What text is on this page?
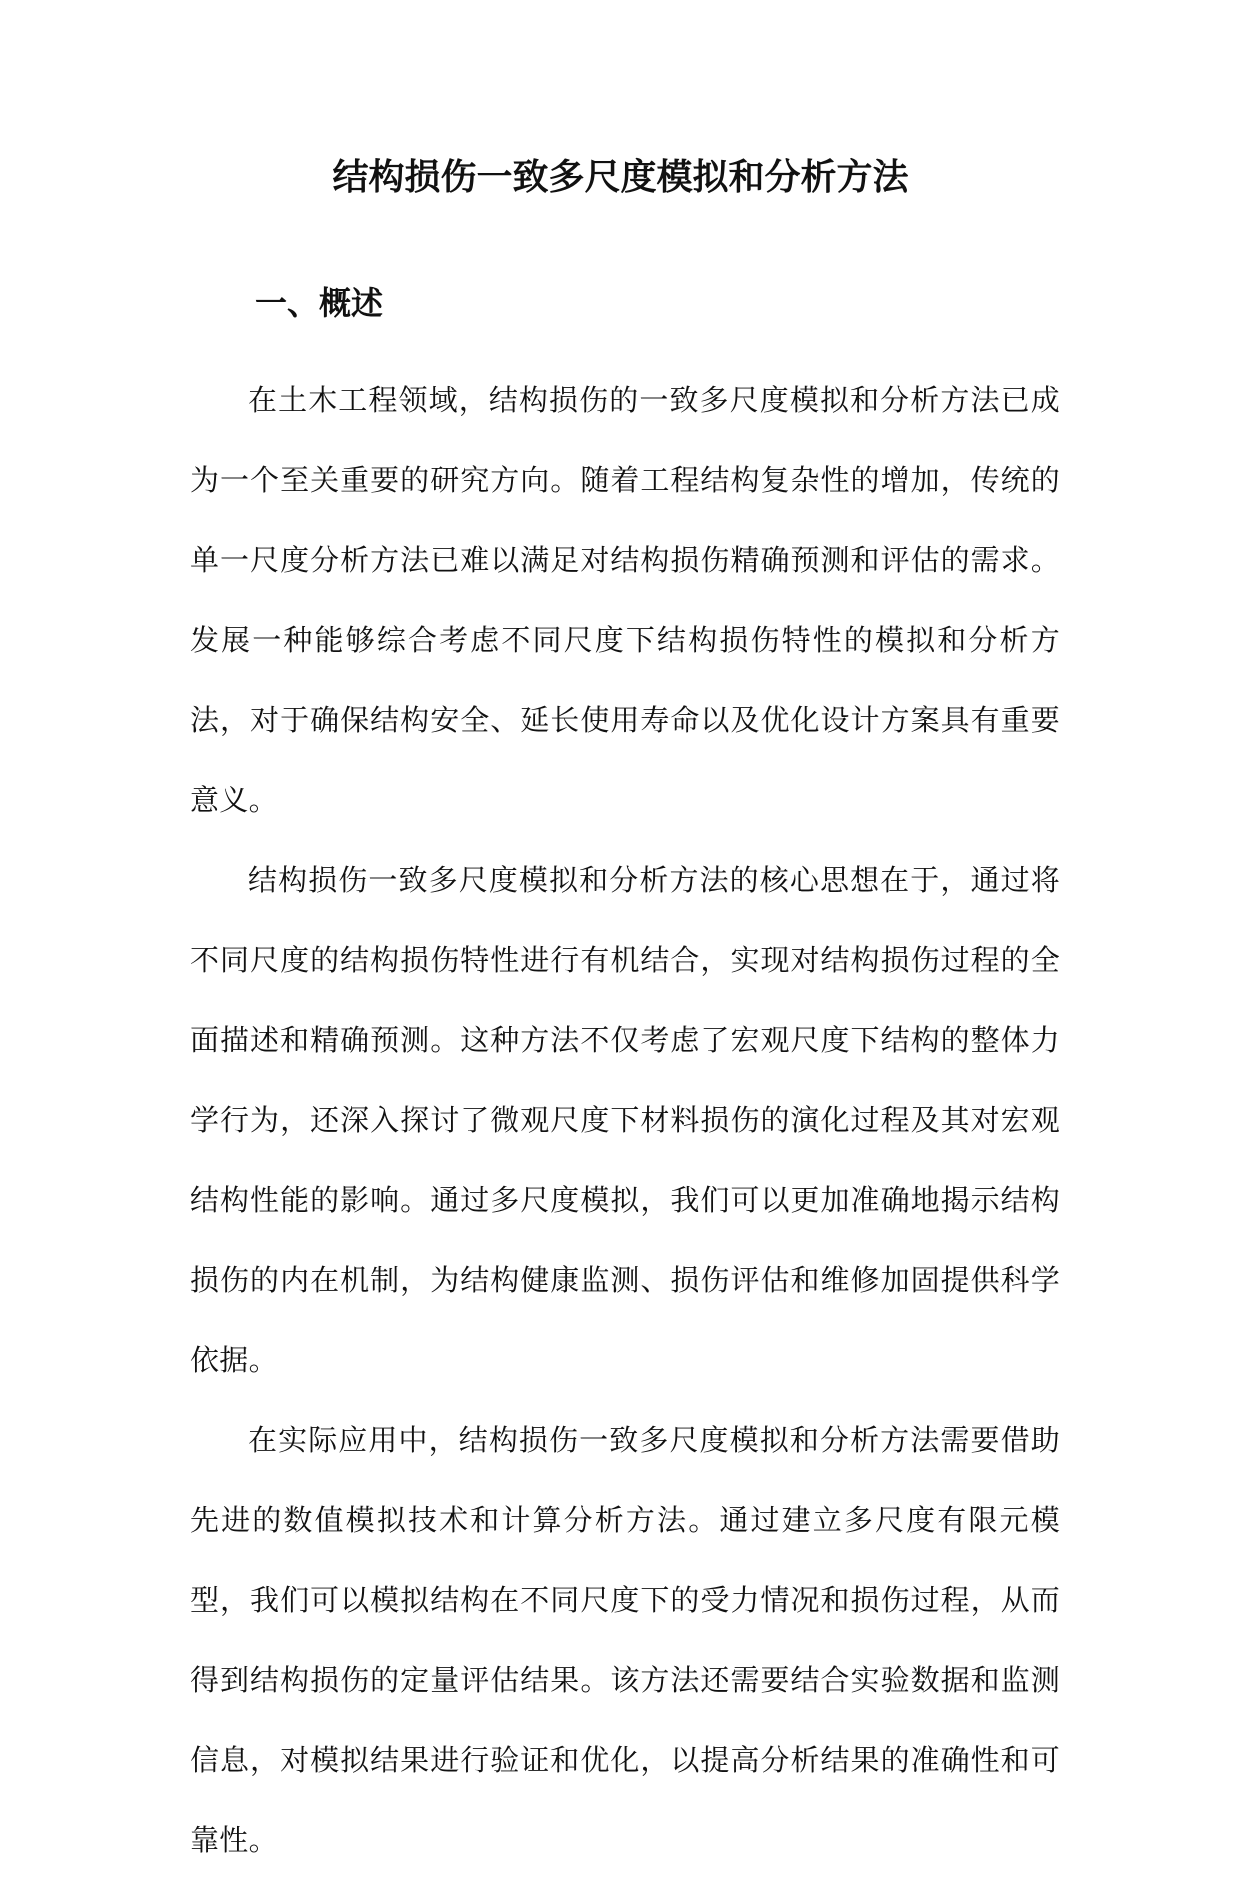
结构损伤一致多尺度模拟和分析方法
一、概述

在土木工程领域，结构损伤的一致多尺度模拟和分析方法已成为一个至关重要的研究方向。随着工程结构复杂性的增加，传统的单一尺度分析方法已难以满足对结构损伤精确预测和评估的需求。发展一种能够综合考虑不同尺度下结构损伤特性的模拟和分析方法，对于确保结构安全、延长使用寿命以及优化设计方案具有重要意义。

结构损伤一致多尺度模拟和分析方法的核心思想在于，通过将不同尺度的结构损伤特性进行有机结合，实现对结构损伤过程的全面描述和精确预测。这种方法不仅考虑了宏观尺度下结构的整体力学行为，还深入探讨了微观尺度下材料损伤的演化过程及其对宏观结构性能的影响。通过多尺度模拟，我们可以更加准确地揭示结构损伤的内在机制，为结构健康监测、损伤评估和维修加固提供科学依据。

在实际应用中，结构损伤一致多尺度模拟和分析方法需要借助先进的数值模拟技术和计算分析方法。通过建立多尺度有限元模型，我们可以模拟结构在不同尺度下的受力情况和损伤过程，从而得到结构损伤的定量评估结果。该方法还需要结合实验数据和监测信息，对模拟结果进行验证和优化，以提高分析结果的准确性和可靠性。
